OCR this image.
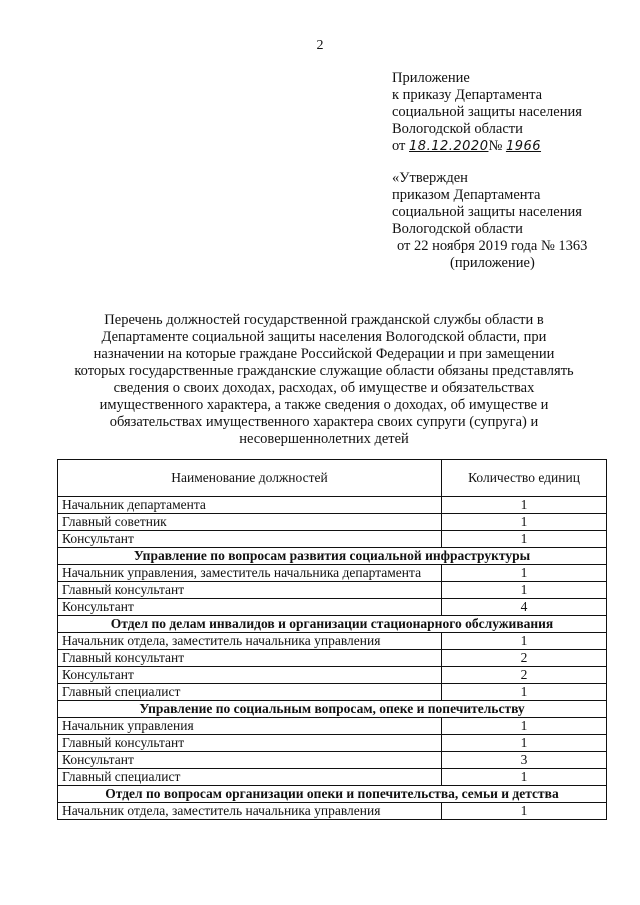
2
Приложение
к приказу Департамента
социальной защиты населения
Вологодской области
от 18.12.2020№ 1966
«Утвержден
приказом Департамента
социальной защиты населения
Вологодской области
от 22 ноября 2019 года № 1363
(приложение)
Перечень должностей государственной гражданской службы области в
Департаменте социальной защиты населения Вологодской области, при
назначении на которые граждане Российской Федерации и при замещении
которых государственные гражданские служащие области обязаны представлять
сведения о своих доходах, расходах, об имуществе и обязательствах
имущественного характера, а также сведения о доходах, об имуществе и
обязательствах имущественного характера своих супруги (супруга) и
несовершеннолетних детей
Наименование должностей	Количество единиц
Начальник департамента	1
Главный советник	1
Консультант	1
Управление по вопросам развития социальной инфраструктуры	
Начальник управления, заместитель начальника департамента	1
Главный консультант	1
Консультант	4
Отдел по делам инвалидов и организации стационарного обслуживания	
Начальник отдела, заместитель начальника управления	1
Главный консультант	2
Консультант	2
Главный специалист	1
Управление по социальным вопросам, опеке и попечительству	
Начальник управления	1
Главный консультант	1
Консультант	3
Главный специалист	1
Отдел по вопросам организации опеки и попечительства, семьи и детства	
Начальник отдела, заместитель начальника управления	1
